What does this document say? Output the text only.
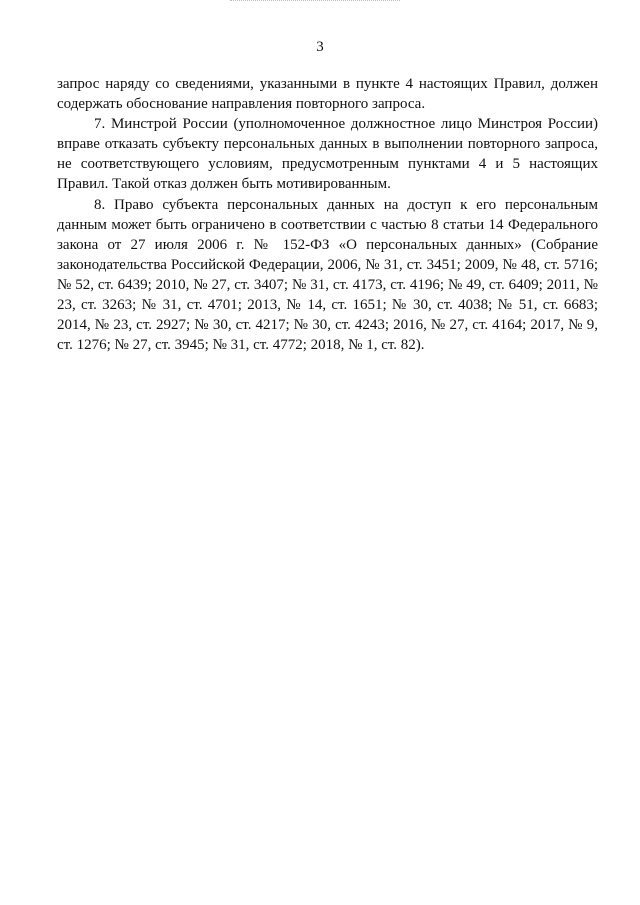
3

запрос наряду со сведениями, указанными в пункте 4 настоящих Правил, должен содержать обоснование направления повторного запроса.

7. Минстрой России (уполномоченное должностное лицо Минстроя России) вправе отказать субъекту персональных данных в выполнении повторного запроса, не соответствующего условиям, предусмотренным пунктами 4 и 5 настоящих Правил. Такой отказ должен быть мотивированным.

8. Право субъекта персональных данных на доступ к его персональным данным может быть ограничено в соответствии с частью 8 статьи 14 Федерального закона от 27 июля 2006 г. № 152-ФЗ «О персональных данных» (Собрание законодательства Российской Федерации, 2006, № 31, ст. 3451; 2009, № 48, ст. 5716; № 52, ст. 6439; 2010, № 27, ст. 3407; № 31, ст. 4173, ст. 4196; № 49, ст. 6409; 2011, № 23, ст. 3263; № 31, ст. 4701; 2013, № 14, ст. 1651; № 30, ст. 4038; № 51, ст. 6683; 2014, № 23, ст. 2927; № 30, ст. 4217; № 30, ст. 4243; 2016, № 27, ст. 4164; 2017, № 9, ст. 1276; № 27, ст. 3945; № 31, ст. 4772; 2018, № 1, ст. 82).
